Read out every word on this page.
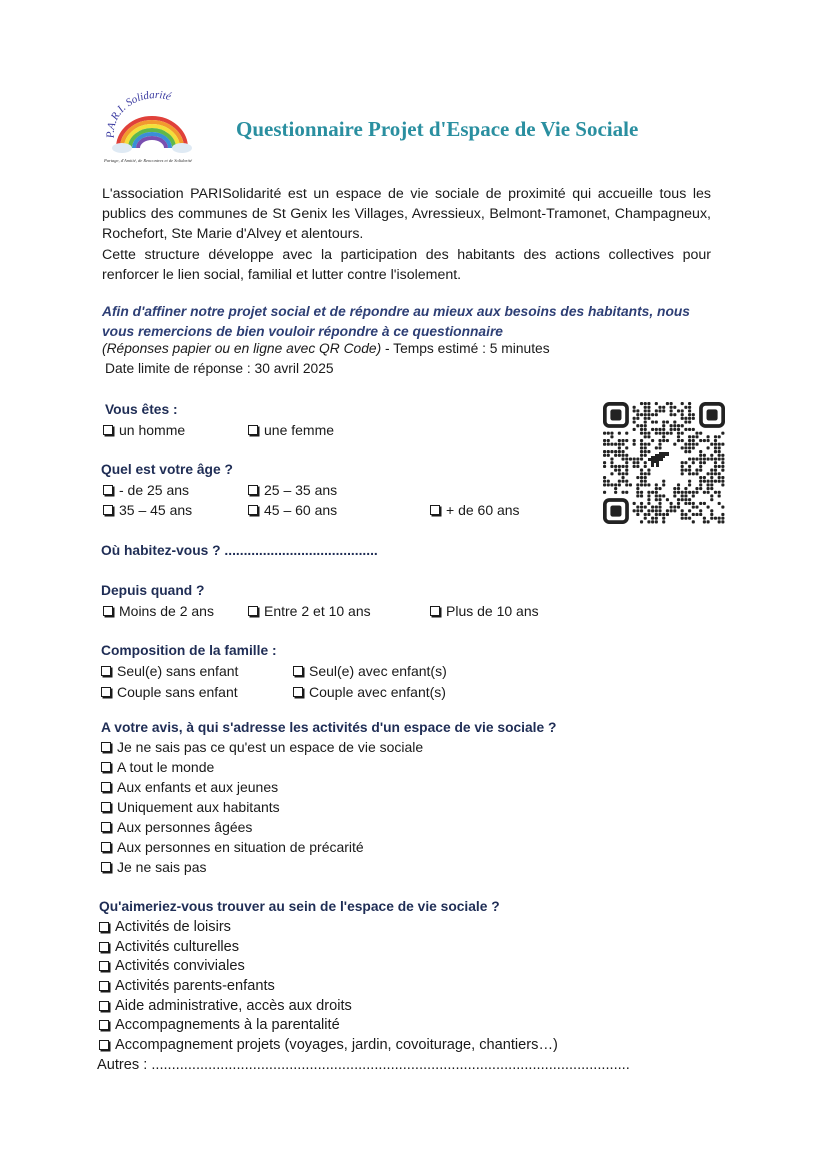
P.A.R.I. Solidarité
Partage, d'Amitié, de Rencontres et de Solidarité
Questionnaire Projet d'Espace de Vie Sociale

L'association PARISolidarité est un espace de vie sociale de proximité qui accueille tous les publics des communes de St Genix les Villages, Avressieux, Belmont-Tramonet, Champagneux, Rochefort, Ste Marie d'Alvey et alentours.

Cette structure développe avec la participation des habitants des actions collectives pour renforcer le lien social, familial et lutter contre l'isolement.

Afin d'affiner notre projet social et de répondre au mieux aux besoins des habitants, nous vous remercions de bien vouloir répondre à ce questionnaire
(Réponses papier ou en ligne avec QR Code) - Temps estimé : 5 minutes
Date limite de réponse : 30 avril 2025
Vous êtes :
un homme	une femme
Quel est votre âge ?
- de 25 ans	25 – 35 ans
35 – 45 ans	45 – 60 ans	+ de 60 ans
Où habitez-vous ? ........................................
Depuis quand ?
Moins de 2 ans	Entre 2 et 10 ans	Plus de 10 ans
Composition de la famille :
Seul(e) sans enfant	Seul(e) avec enfant(s)
Couple sans enfant	Couple avec enfant(s)
A votre avis, à qui s'adresse les activités d'un espace de vie sociale ?
Je ne sais pas ce qu'est un espace de vie sociale
A tout le monde
Aux enfants et aux jeunes
Uniquement aux habitants
Aux personnes âgées
Aux personnes en situation de précarité
Je ne sais pas
Qu'aimeriez-vous trouver au sein de l'espace de vie sociale ?
Activités de loisirs
Activités culturelles
Activités conviviales
Activités parents-enfants
Aide administrative, accès aux droits
Accompagnements à la parentalité
Accompagnement projets (voyages, jardin, covoiturage, chantiers…)
Autres : ......................................................................................................................
